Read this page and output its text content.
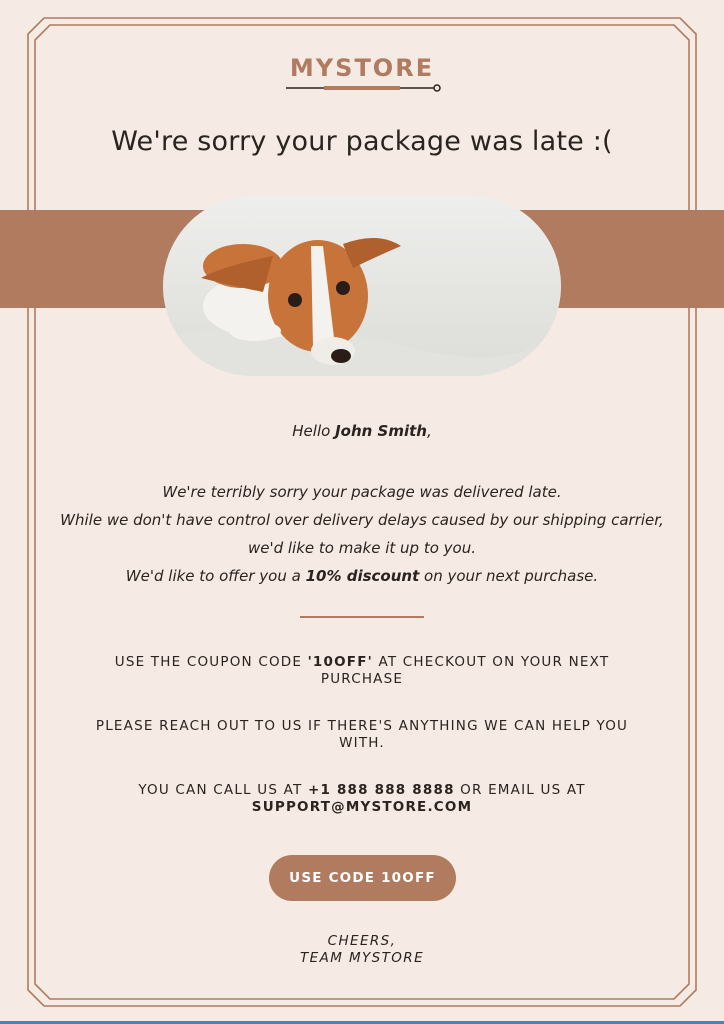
MYSTORE
We're sorry your package was late :(
Hello John Smith,

We're terribly sorry your package was delivered late.

While we don't have control over delivery delays caused by our shipping carrier, we'd like to make it up to you.

We'd like to offer you a 10% discount on your next purchase.

USE THE COUPON CODE '10OFF' AT CHECKOUT ON YOUR NEXT PURCHASE
PLEASE REACH OUT TO US IF THERE'S ANYTHING WE CAN HELP YOU WITH.
YOU CAN CALL US AT +1 888 888 8888 OR EMAIL US AT
SUPPORT@MYSTORE.COM
USE CODE 10OFF
CHEERS,
TEAM MYSTORE
